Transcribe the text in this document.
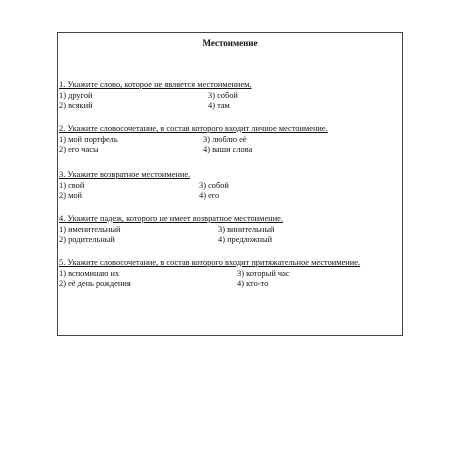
Местоимение
1. Укажите слово, которое не является местоимением.
1) другой	3) собой
2) всякий	4) там
2. Укажите словосочетание, в состав которого входит личное местоимение.
1) мой портфель	3) люблю её
2) его часы	4) ваши слова
3. Укажите возвратное местоимение.
1) свой	3) собой
2) мой	4) его
4. Укажите падеж, которого не имеет возвратное местоимение.
1) именительный	3) винительный
2) родительный	4) предложный
5. Укажите словосочетание, в состав которого входит притяжательное местоимение.
1) вспоминаю их	3) который час
2) её день рождения	4) кто-то
